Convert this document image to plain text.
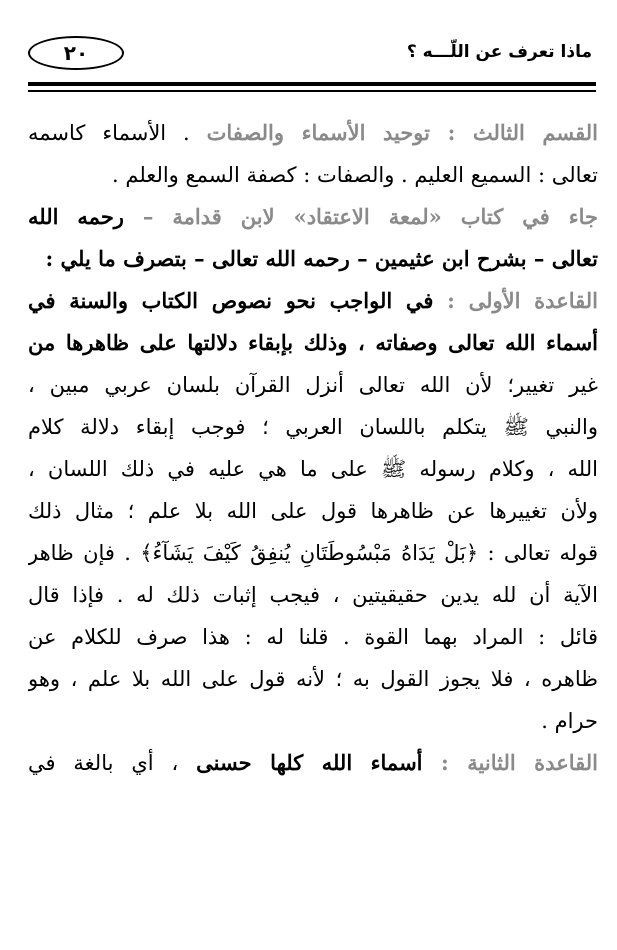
٢٠	ماذا تعرف عن اللّـــه ؟
القسم الثالث : توحيد الأسماء والصفات . الأسماء كاسمه
تعالى : السميع العليم . والصفات : كصفة السمع والعلم .
جاء في كتاب «لمعة الاعتقاد» لابن قدامة – رحمه الله
تعالى – بشرح ابن عثيمين – رحمه الله تعالى – بتصرف ما يلي :
القاعدة الأولى : في الواجب نحو نصوص الكتاب والسنة في
أسماء الله تعالى وصفاته ، وذلك بإبقاء دلالتها على ظاهرها من
غير تغيير؛ لأن الله تعالى أنزل القرآن بلسان عربي مبين ،
والنبي ﷺ يتكلم باللسان العربي ؛ فوجب إبقاء دلالة كلام
الله ، وكلام رسوله ﷺ على ما هي عليه في ذلك اللسان ،
ولأن تغييرها عن ظاهرها قول على الله بلا علم ؛ مثال ذلك
قوله تعالى : ﴿بَلْ يَدَاهُ مَبْسُوطَتَانِ يُنفِقُ كَيْفَ يَشَآءُ﴾ . فإن ظاهر
الآية أن لله يدين حقيقيتين ، فيجب إثبات ذلك له . فإذا قال
قائل : المراد بهما القوة . قلنا له : هذا صرف للكلام عن
ظاهره ، فلا يجوز القول به ؛ لأنه قول على الله بلا علم ، وهو
حرام .
القاعدة الثانية : أسماء الله كلها حسنى ، أي بالغة في
